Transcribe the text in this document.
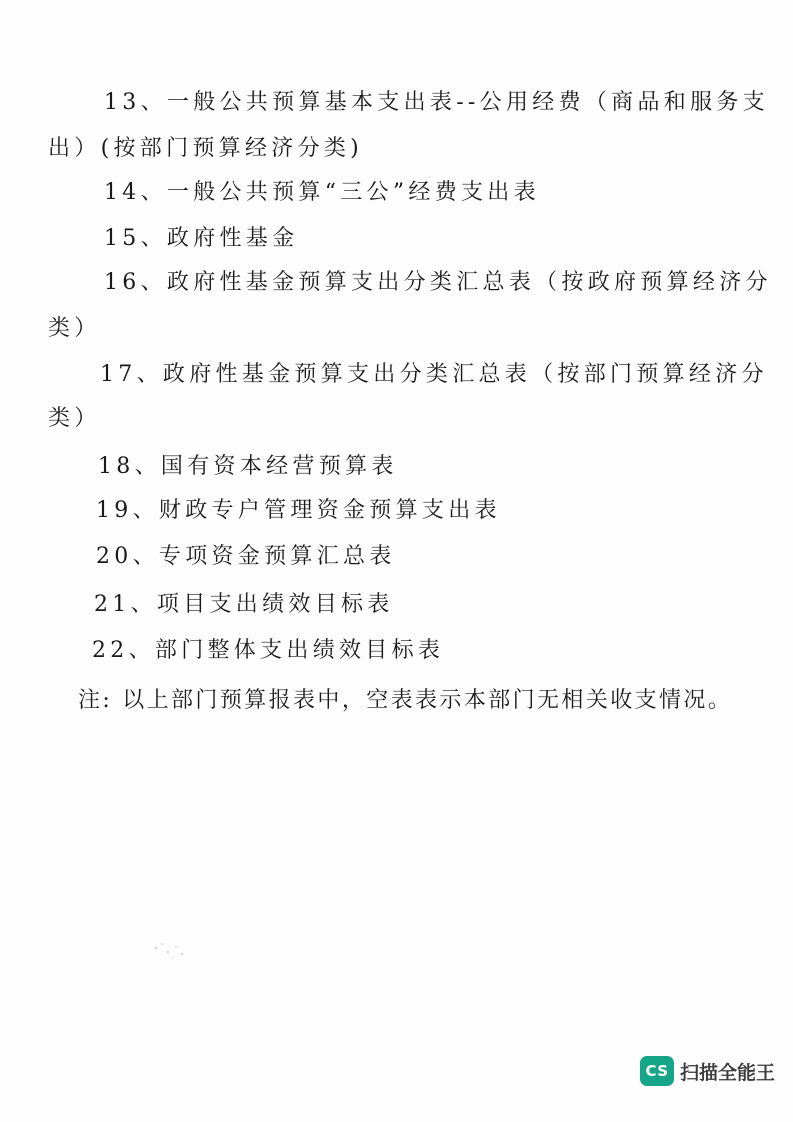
13、一般公共预算基本支出表--公用经费（商品和服务支
出）(按部门预算经济分类)
14、一般公共预算“三公”经费支出表
15、政府性基金
16、政府性基金预算支出分类汇总表（按政府预算经济分
类）
17、政府性基金预算支出分类汇总表（按部门预算经济分
类）
18、国有资本经营预算表
19、财政专户管理资金预算支出表
20、专项资金预算汇总表
21、项目支出绩效目标表
22、部门整体支出绩效目标表
注: 以上部门预算报表中，空表表示本部门无相关收支情况。
CS 扫描全能王
